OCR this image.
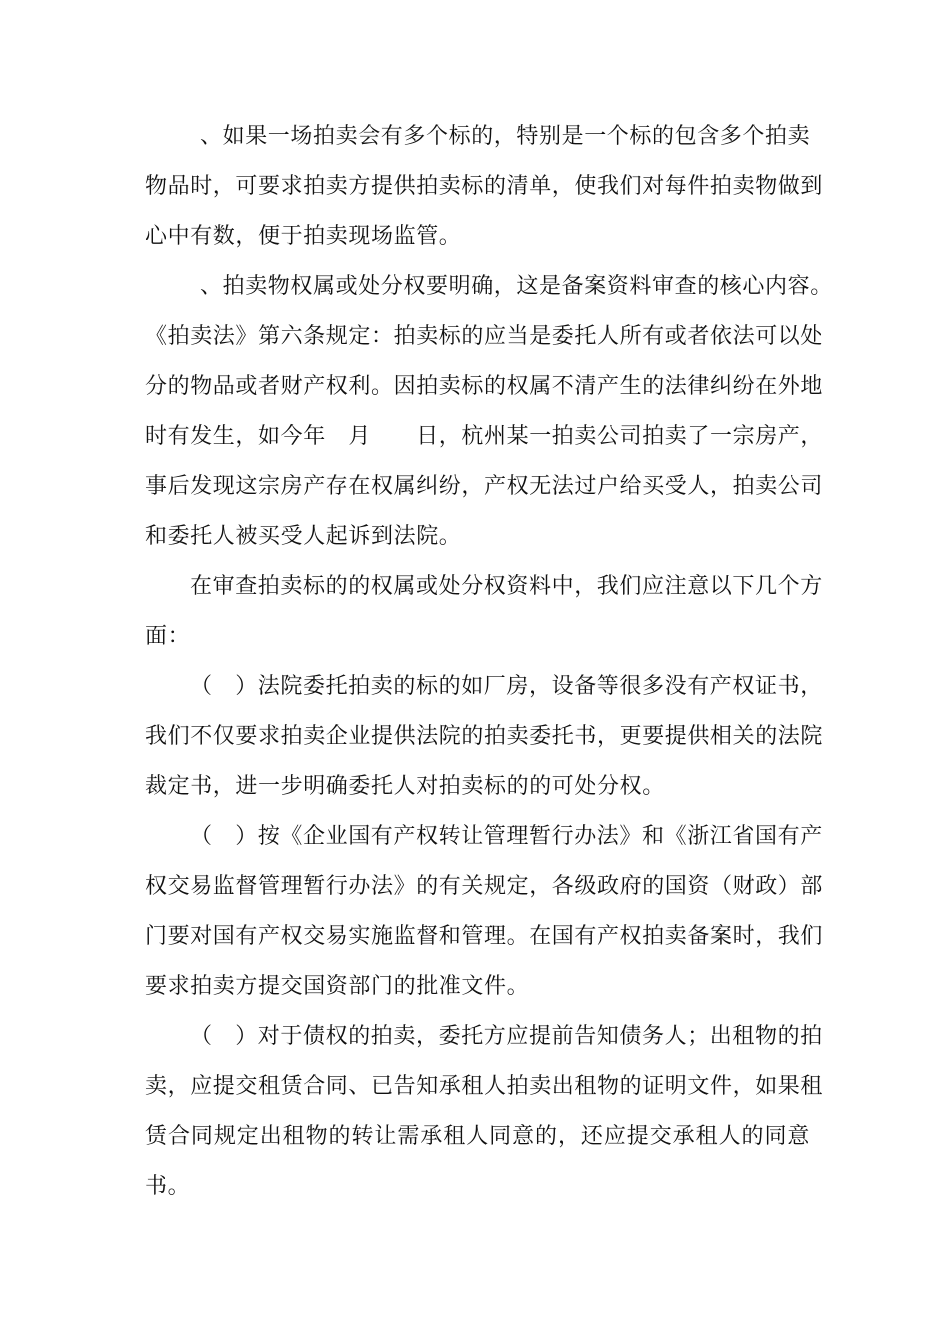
、如果一场拍卖会有多个标的，特别是一个标的包含多个拍卖
物品时，可要求拍卖方提供拍卖标的清单，使我们对每件拍卖物做到
心中有数，便于拍卖现场监管。
、拍卖物权属或处分权要明确，这是备案资料审查的核心内容。
《拍卖法》第六条规定：拍卖标的应当是委托人所有或者依法可以处
分的物品或者财产权利。因拍卖标的权属不清产生的法律纠纷在外地
时有发生，如今年　月　　日，杭州某一拍卖公司拍卖了一宗房产，
事后发现这宗房产存在权属纠纷，产权无法过户给买受人，拍卖公司
和委托人被买受人起诉到法院。
在审查拍卖标的的权属或处分权资料中，我们应注意以下几个方
面：
（　）法院委托拍卖的标的如厂房，设备等很多没有产权证书，
我们不仅要求拍卖企业提供法院的拍卖委托书，更要提供相关的法院
裁定书，进一步明确委托人对拍卖标的的可处分权。
（　）按《企业国有产权转让管理暂行办法》和《浙江省国有产
权交易监督管理暂行办法》的有关规定，各级政府的国资（财政）部
门要对国有产权交易实施监督和管理。在国有产权拍卖备案时，我们
要求拍卖方提交国资部门的批准文件。
（　）对于债权的拍卖，委托方应提前告知债务人；出租物的拍
卖，应提交租赁合同、已告知承租人拍卖出租物的证明文件，如果租
赁合同规定出租物的转让需承租人同意的，还应提交承租人的同意
书。
